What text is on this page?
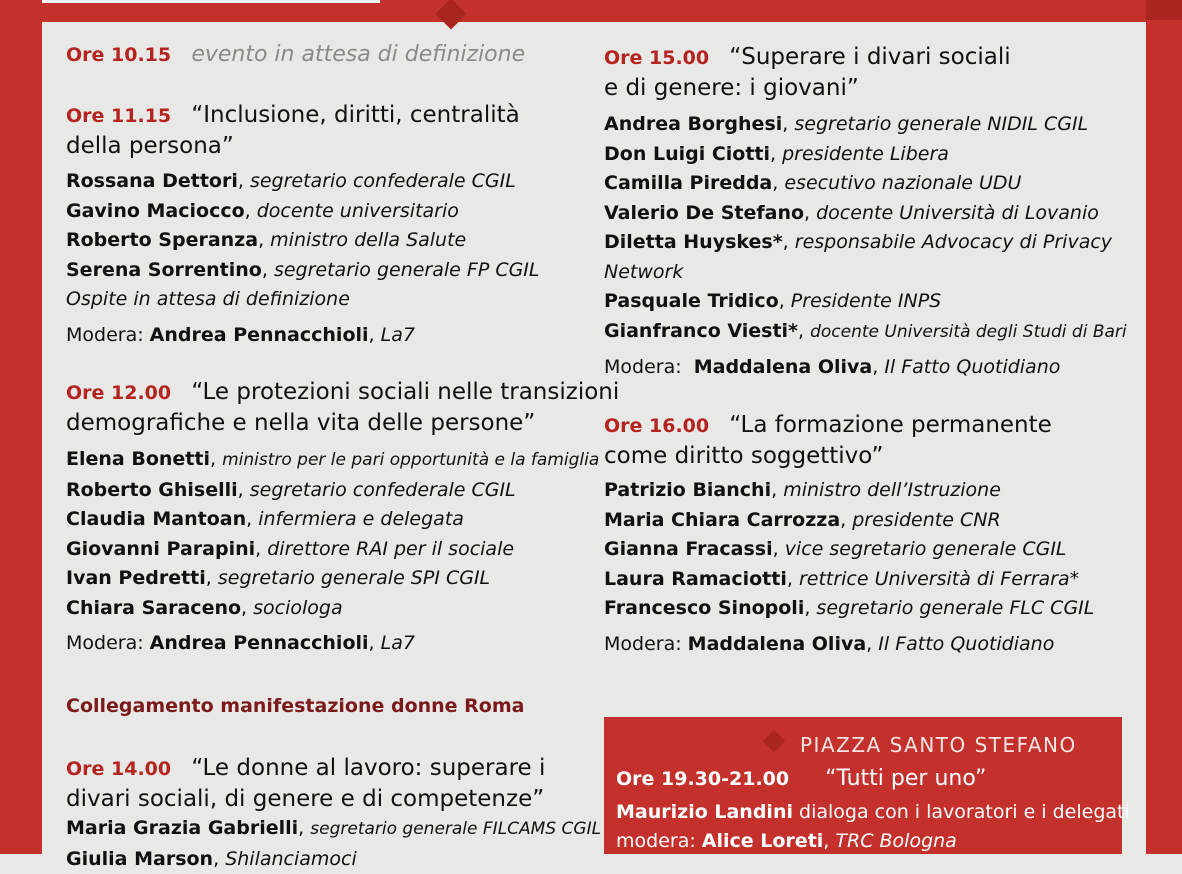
Ore 10.15 evento in attesa di definizione
Ore 11.15 “Inclusione, diritti, centralità
della persona”
Rossana Dettori, segretario confederale CGIL
Gavino Maciocco, docente universitario
Roberto Speranza, ministro della Salute
Serena Sorrentino, segretario generale FP CGIL
Ospite in attesa di definizione
Modera: Andrea Pennacchioli, La7
Ore 12.00 “Le protezioni sociali nelle transizioni
demografiche e nella vita delle persone”
Elena Bonetti, ministro per le pari opportunità e la famiglia
Roberto Ghiselli, segretario confederale CGIL
Claudia Mantoan, infermiera e delegata
Giovanni Parapini, direttore RAI per il sociale
Ivan Pedretti, segretario generale SPI CGIL
Chiara Saraceno, sociologa
Modera: Andrea Pennacchioli, La7
Collegamento manifestazione donne Roma
Ore 14.00 “Le donne al lavoro: superare i
divari sociali, di genere e di competenze”
Maria Grazia Gabrielli, segretario generale FILCAMS CGIL
Giulia Marson, Shilanciamoci
Ore 15.00 “Superare i divari sociali
e di genere: i giovani”
Andrea Borghesi, segretario generale NIDIL CGIL
Don Luigi Ciotti, presidente Libera
Camilla Piredda, esecutivo nazionale UDU
Valerio De Stefano, docente Università di Lovanio
Diletta Huyskes*, responsabile Advocacy di Privacy
Network
Pasquale Tridico, Presidente INPS
Gianfranco Viesti*, docente Università degli Studi di Bari
Modera: Maddalena Oliva, Il Fatto Quotidiano
Ore 16.00 “La formazione permanente
come diritto soggettivo”
Patrizio Bianchi, ministro dell’Istruzione
Maria Chiara Carrozza, presidente CNR
Gianna Fracassi, vice segretario generale CGIL
Laura Ramaciotti, rettrice Università di Ferrara*
Francesco Sinopoli, segretario generale FLC CGIL
Modera: Maddalena Oliva, Il Fatto Quotidiano
PIAZZA SANTO STEFANO
Ore 19.30-21.00 “Tutti per uno”
Maurizio Landini dialoga con i lavoratori e i delegati
modera: Alice Loreti, TRC Bologna
